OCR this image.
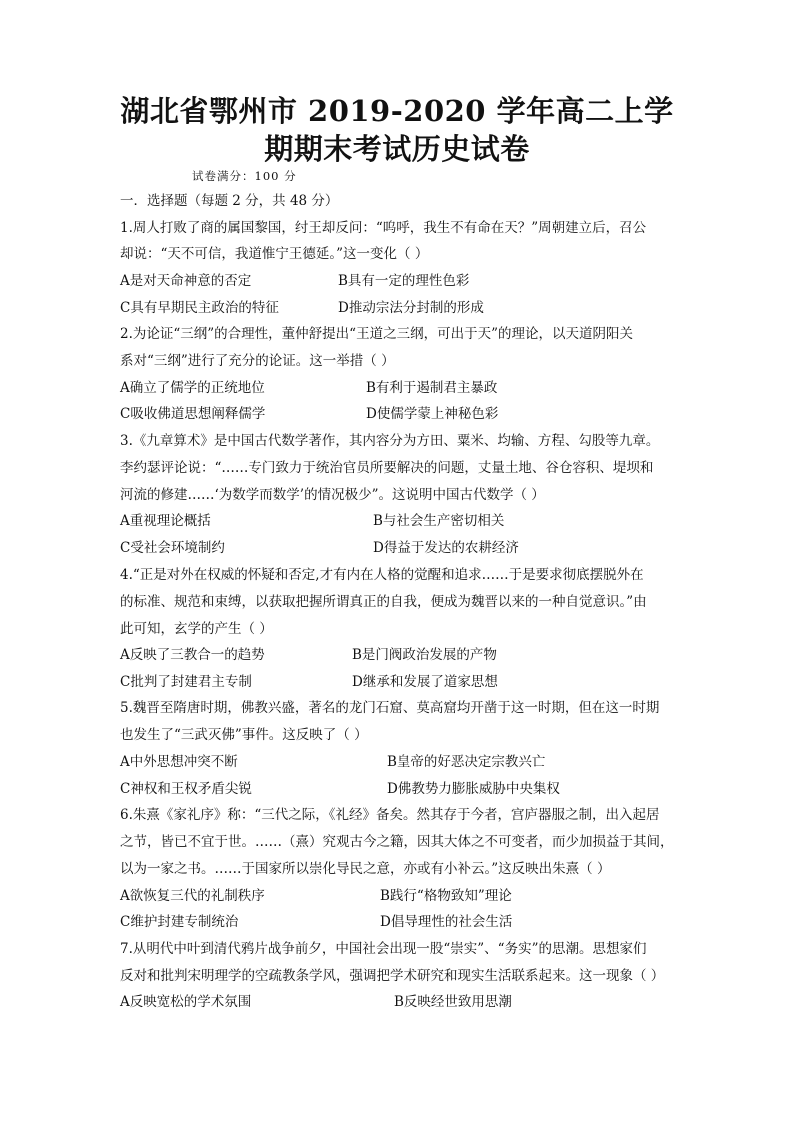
湖北省鄂州市 2019-2020 学年高二上学
期期末考试历史试卷
试卷满分：100 分
一．选择题（每题 2 分，共 48 分）
1.周人打败了商的属国黎国，纣王却反问：“呜呼，我生不有命在天？”周朝建立后，召公
却说：“天不可信，我道惟宁王德延。”这一变化（ ）
A是对天命神意的否定	B具有一定的理性色彩
C具有早期民主政治的特征	D推动宗法分封制的形成
2.为论证“三纲”的合理性，董仲舒提出“王道之三纲，可出于天”的理论，以天道阴阳关
系对“三纲”进行了充分的论证。这一举措（ ）
A确立了儒学的正统地位	B有利于遏制君主暴政
C吸收佛道思想阐释儒学	D使儒学蒙上神秘色彩
3.《九章算术》是中国古代数学著作，其内容分为方田、粟米、均输、方程、勾股等九章。
李约瑟评论说：“……专门致力于统治官员所要解决的问题，丈量土地、谷仓容积、堤坝和
河流的修建……‘为数学而数学’的情况极少”。这说明中国古代数学（ ）
A重视理论概括	B与社会生产密切相关
C受社会环境制约	D得益于发达的农耕经济
4.“正是对外在权威的怀疑和否定,才有内在人格的觉醒和追求……于是要求彻底摆脱外在
的标准、规范和束缚，以获取把握所谓真正的自我，便成为魏晋以来的一种自觉意识。”由
此可知，玄学的产生（ ）
A反映了三教合一的趋势	B是门阀政治发展的产物
C批判了封建君主专制	D继承和发展了道家思想
5.魏晋至隋唐时期，佛教兴盛，著名的龙门石窟、莫高窟均开凿于这一时期，但在这一时期
也发生了“三武灭佛”事件。这反映了（ ）
A中外思想冲突不断	B皇帝的好恶决定宗教兴亡
C神权和王权矛盾尖锐	D佛教势力膨胀威胁中央集权
6.朱熹《家礼序》称：“三代之际，《礼经》备矣。然其存于今者，宫庐器服之制，出入起居
之节，皆已不宜于世。……（熹）究观古今之籍，因其大体之不可变者，而少加损益于其间，
以为一家之书。……于国家所以崇化导民之意，亦或有小补云。”这反映出朱熹（ ）
A欲恢复三代的礼制秩序	B践行“格物致知”理论
C维护封建专制统治	D倡导理性的社会生活
7.从明代中叶到清代鸦片战争前夕，中国社会出现一股“崇实”、“务实”的思潮。思想家们
反对和批判宋明理学的空疏教条学风，强调把学术研究和现实生活联系起来。这一现象（ ）
A反映宽松的学术氛围	B反映经世致用思潮
